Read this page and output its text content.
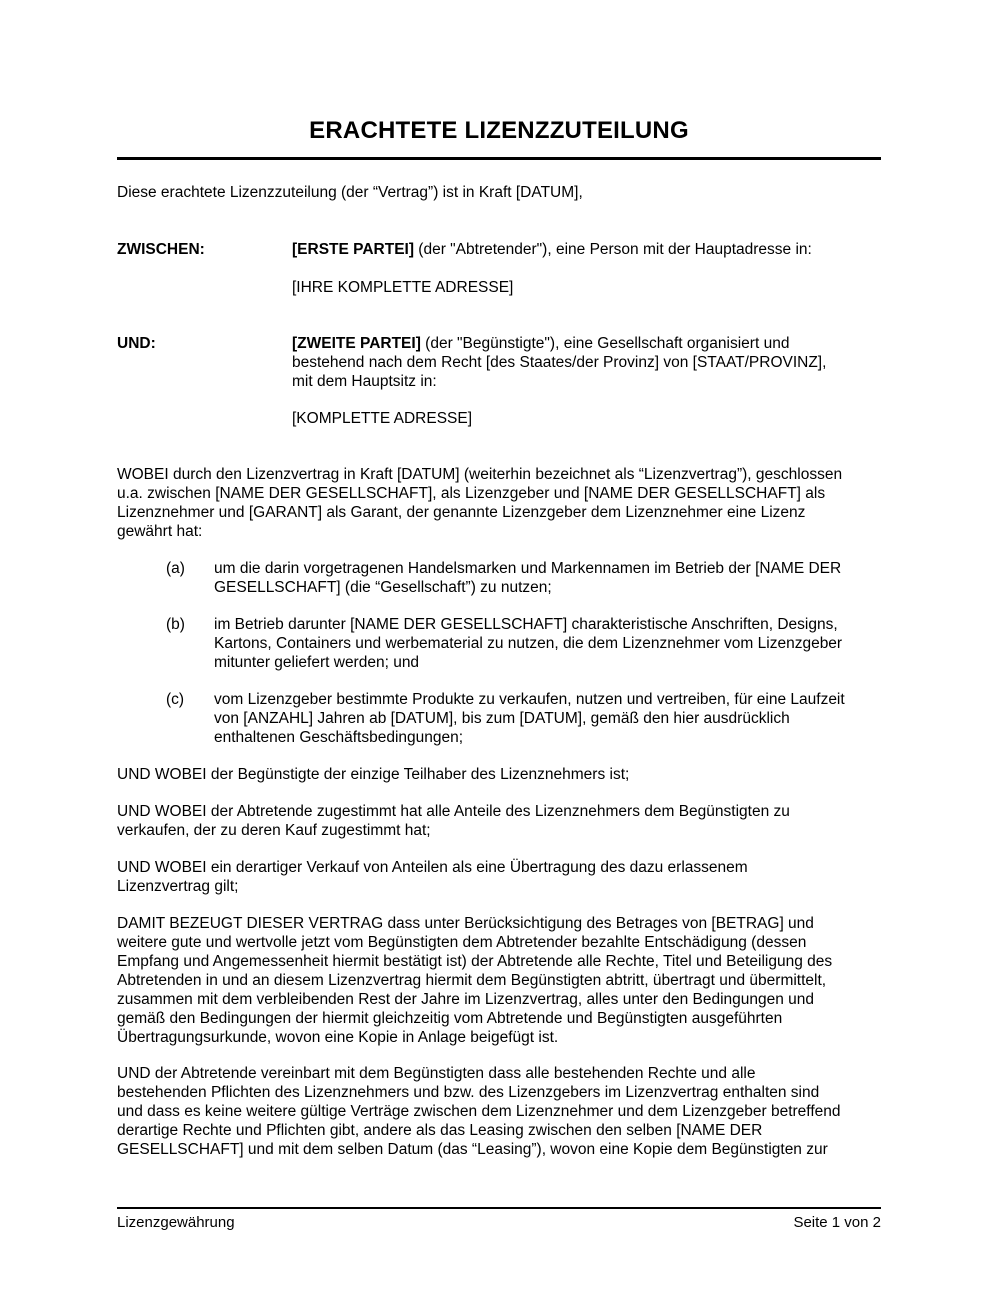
ERACHTETE LIZENZZUTEILUNG
Diese erachtete Lizenzzuteilung (der “Vertrag”) ist in Kraft [DATUM],
ZWISCHEN:	[ERSTE PARTEI] (der "Abtretender"), eine Person mit der Hauptadresse in:
[IHRE KOMPLETTE ADRESSE]
UND:	[ZWEITE PARTEI] (der "Begünstigte"), eine Gesellschaft organisiert und
bestehend nach dem Recht [des Staates/der Provinz] von [STAAT/PROVINZ],
mit dem Hauptsitz in:
[KOMPLETTE ADRESSE]
WOBEI durch den Lizenzvertrag in Kraft [DATUM] (weiterhin bezeichnet als “Lizenzvertrag”), geschlossen
u.a. zwischen [NAME DER GESELLSCHAFT], als Lizenzgeber und [NAME DER GESELLSCHAFT] als
Lizenznehmer und [GARANT] als Garant, der genannte Lizenzgeber dem Lizenznehmer eine Lizenz
gewährt hat:
(a) um die darin vorgetragenen Handelsmarken und Markennamen im Betrieb der [NAME DER
GESELLSCHAFT] (die “Gesellschaft”) zu nutzen;
(b) im Betrieb darunter [NAME DER GESELLSCHAFT] charakteristische Anschriften, Designs,
Kartons, Containers und werbematerial zu nutzen, die dem Lizenznehmer vom Lizenzgeber
mitunter geliefert werden; und
(c) vom Lizenzgeber bestimmte Produkte zu verkaufen, nutzen und vertreiben, für eine Laufzeit
von [ANZAHL] Jahren ab [DATUM], bis zum [DATUM], gemäß den hier ausdrücklich
enthaltenen Geschäftsbedingungen;
UND WOBEI der Begünstigte der einzige Teilhaber des Lizenznehmers ist;
UND WOBEI der Abtretende zugestimmt hat alle Anteile des Lizenznehmers dem Begünstigten zu
verkaufen, der zu deren Kauf zugestimmt hat;
UND WOBEI ein derartiger Verkauf von Anteilen als eine Übertragung des dazu erlassenem
Lizenzvertrag gilt;
DAMIT BEZEUGT DIESER VERTRAG dass unter Berücksichtigung des Betrages von [BETRAG] und
weitere gute und wertvolle jetzt vom Begünstigten dem Abtretender bezahlte Entschädigung (dessen
Empfang und Angemessenheit hiermit bestätigt ist) der Abtretende alle Rechte, Titel und Beteiligung des
Abtretenden in und an diesem Lizenzvertrag hiermit dem Begünstigten abtritt, übertragt und übermittelt,
zusammen mit dem verbleibenden Rest der Jahre im Lizenzvertrag, alles unter den Bedingungen und
gemäß den Bedingungen der hiermit gleichzeitig vom Abtretende und Begünstigten ausgeführten
Übertragungsurkunde, wovon eine Kopie in Anlage beigefügt ist.
UND der Abtretende vereinbart mit dem Begünstigten dass alle bestehenden Rechte und alle
bestehenden Pflichten des Lizenznehmers und bzw. des Lizenzgebers im Lizenzvertrag enthalten sind
und dass es keine weitere gültige Verträge zwischen dem Lizenznehmer und dem Lizenzgeber betreffend
derartige Rechte und Pflichten gibt, andere als das Leasing zwischen den selben [NAME DER
GESELLSCHAFT] und mit dem selben Datum (das “Leasing”), wovon eine Kopie dem Begünstigten zur
Lizenzgewährung	Seite 1 von 2
